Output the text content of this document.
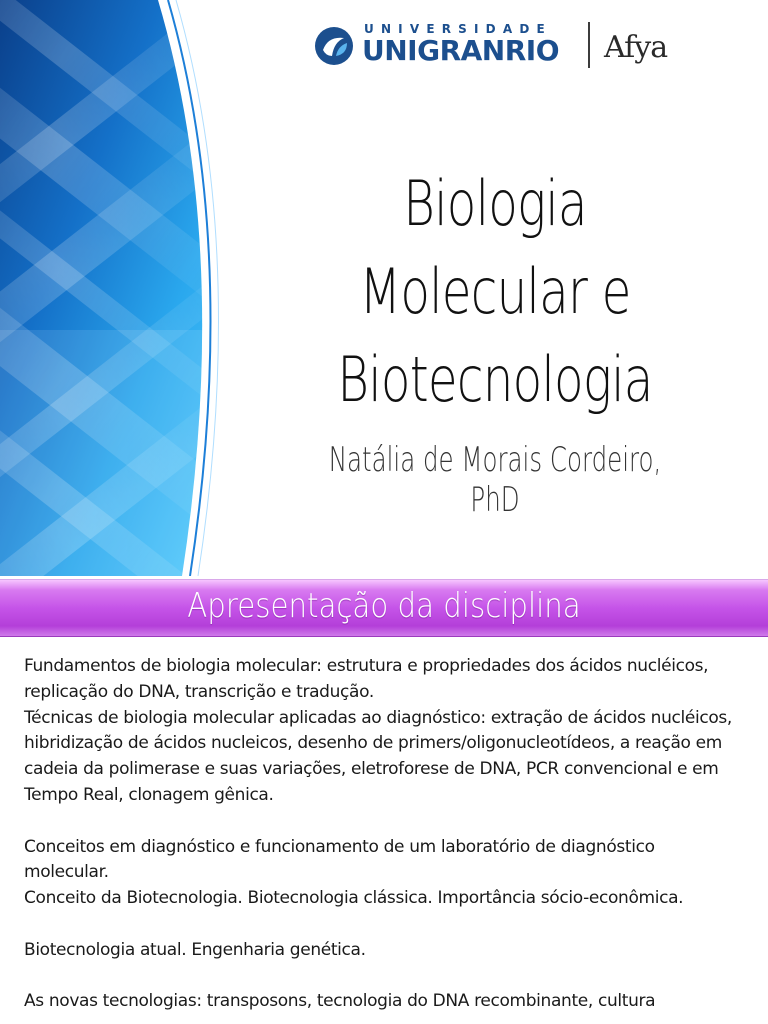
UNIVERSIDADE
UNIGRANRIO Afya
Biologia Molecular e
Biotecnologia
Natália de Morais Cordeiro, PhD
Apresentação da disciplina

Fundamentos de biologia molecular: estrutura e propriedades dos ácidos nucléicos, replicação do DNA, transcrição e tradução.

Técnicas de biologia molecular aplicadas ao diagnóstico: extração de ácidos nucléicos, hibridização de ácidos nucleicos, desenho de primers/oligonucleotídeos, a reação em cadeia da polimerase e suas variações, eletroforese de DNA, PCR convencional e em Tempo Real, clonagem gênica.

Conceitos em diagnóstico e funcionamento de um laboratório de diagnóstico molecular.

Conceito da Biotecnologia. Biotecnologia clássica. Importância sócio-econômica.

Biotecnologia atual. Engenharia genética.

As novas tecnologias: transposons, tecnologia do DNA recombinante, cultura
